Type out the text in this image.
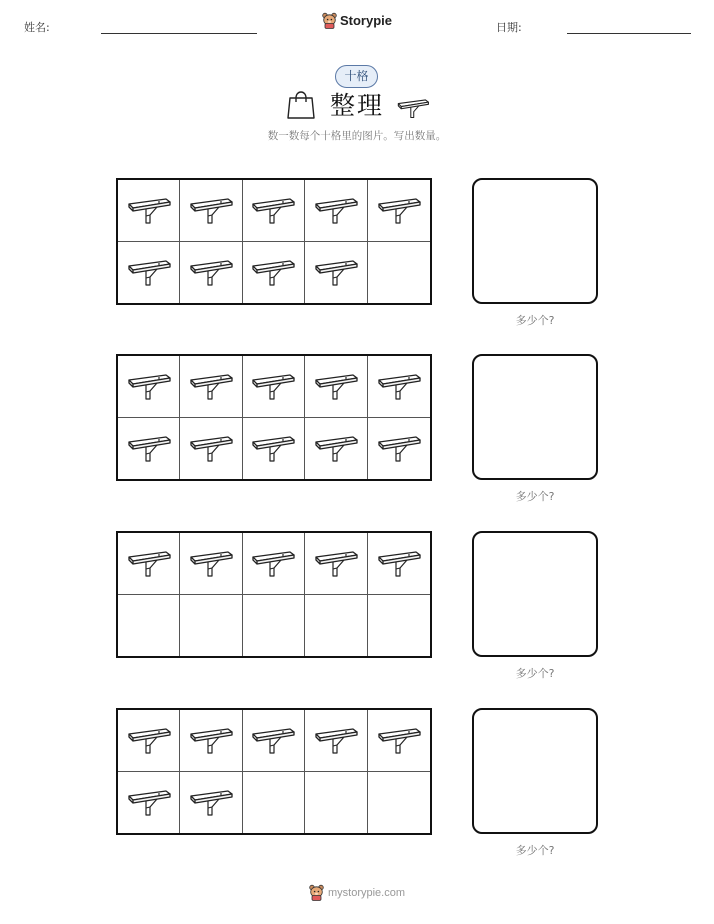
姓名:	Storypie	日期:
十格
整理
数一数每个十格里的图片。写出数量。
多少个?
多少个?
多少个?
多少个?
mystorypie.com
